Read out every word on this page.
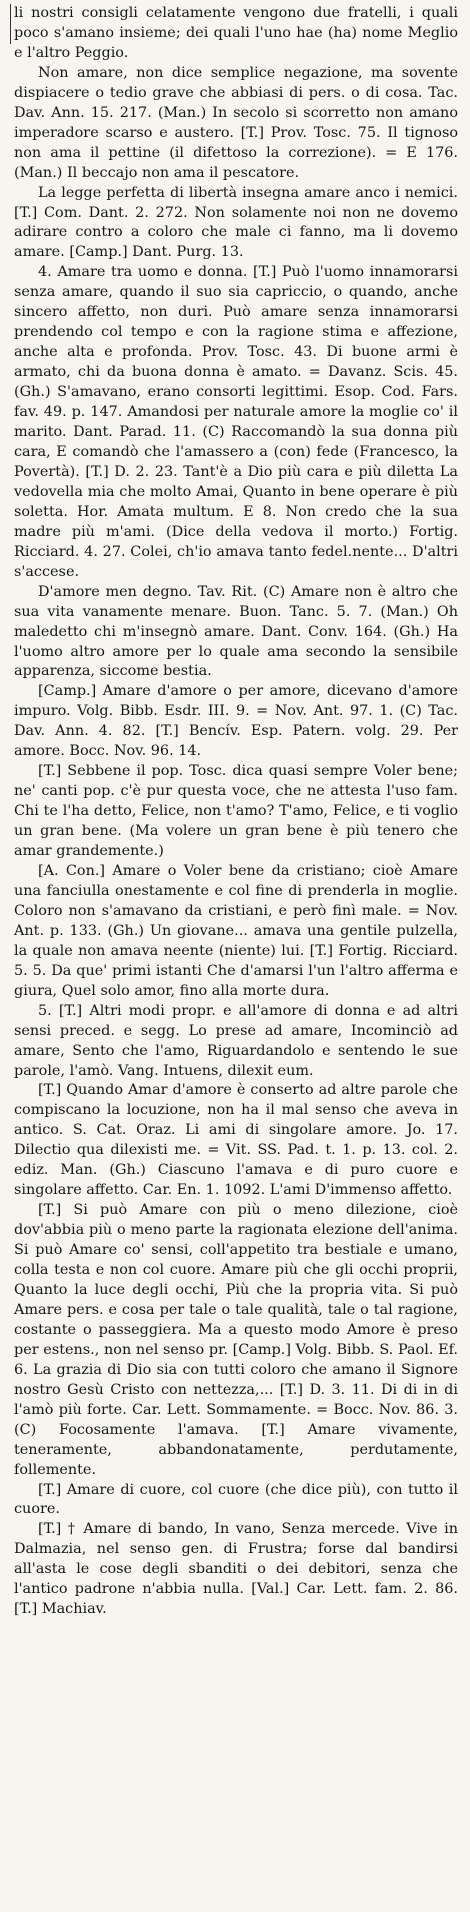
li nostri consigli celatamente vengono due fratelli, i quali poco s'amano insieme; dei quali l'uno hae (ha) nome Meglio e l'altro Peggio.

Non amare, non dice semplice negazione, ma sovente dispiacere o tedio grave che abbiasi di pers. o di cosa. Tac. Dav. Ann. 15. 217. (Man.) In secolo si scorretto non amano imperadore scarso e austero. [T.] Prov. Tosc. 75. Il tignoso non ama il pettine (il difettoso la correzione). = E 176. (Man.) Il beccajo non ama il pescatore.

La legge perfetta di libertà insegna amare anco i nemici. [T.] Com. Dant. 2. 272. Non solamente noi non ne dovemo adirare contro a coloro che male ci fanno, ma li dovemo amare. [Camp.] Dant. Purg. 13.

4. Amare tra uomo e donna. [T.] Può l'uomo innamorarsi senza amare, quando il suo sia capriccio, o quando, anche sincero affetto, non duri. Può amare senza innamorarsi prendendo col tempo e con la ragione stima e affezione, anche alta e profonda. Prov. Tosc. 43. Di buone armi è armato, chi da buona donna è amato. = Davanz. Scis. 45. (Gh.) S'amavano, erano consorti legittimi. Esop. Cod. Fars. fav. 49. p. 147. Amandosi per naturale amore la moglie co' il marito. Dant. Parad. 11. (C) Raccomandò la sua donna più cara, E comandò che l'amassero a (con) fede (Francesco, la Povertà). [T.] D. 2. 23. Tant'è a Dio più cara e più diletta La vedovella mia che molto Amai, Quanto in bene operare è più soletta. Hor. Amata multum. E 8. Non credo che la sua madre più m'ami. (Dice della vedova il morto.) Fortig. Ricciard. 4. 27. Colei, ch'io amava tanto fedel.nente... D'altri s'accese.

D'amore men degno. Tav. Rit. (C) Amare non è altro che sua vita vanamente menare. Buon. Tanc. 5. 7. (Man.) Oh maledetto chi m'insegnò amare. Dant. Conv. 164. (Gh.) Ha l'uomo altro amore per lo quale ama secondo la sensibile apparenza, siccome bestia.

[Camp.] Amare d'amore o per amore, dicevano d'amore impuro. Volg. Bibb. Esdr. III. 9. = Nov. Ant. 97. 1. (C) Tac. Dav. Ann. 4. 82. [T.] Bencív. Esp. Patern. volg. 29. Per amore. Bocc. Nov. 96. 14.

[T.] Sebbene il pop. Tosc. dica quasi sempre Voler bene; ne' canti pop. c'è pur questa voce, che ne attesta l'uso fam. Chi te l'ha detto, Felice, non t'amo? T'amo, Felice, e ti voglio un gran bene. (Ma volere un gran bene è più tenero che amar grandemente.)

[A. Con.] Amare o Voler bene da cristiano; cioè Amare una fanciulla onestamente e col fine di prenderla in moglie. Coloro non s'amavano da cristiani, e però finì male. = Nov. Ant. p. 133. (Gh.) Un giovane... amava una gentile pulzella, la quale non amava neente (niente) lui. [T.] Fortig. Ricciard. 5. 5. Da que' primi istanti Che d'amarsi l'un l'altro afferma e giura, Quel solo amor, fino alla morte dura.

5. [T.] Altri modi propr. e all'amore di donna e ad altri sensi preced. e segg. Lo prese ad amare, Incominciò ad amare, Sento che l'amo, Riguardandolo e sentendo le sue parole, l'amò. Vang. Intuens, dilexit eum.

[T.] Quando Amar d'amore è conserto ad altre parole che compiscano la locuzione, non ha il mal senso che aveva in antico. S. Cat. Oraz. Li ami di singolare amore. Jo. 17. Dilectio qua dilexisti me. = Vit. SS. Pad. t. 1. p. 13. col. 2. ediz. Man. (Gh.) Ciascuno l'amava e di puro cuore e singolare affetto. Car. En. 1. 1092. L'ami D'immenso affetto.

[T.] Si può Amare con più o meno dilezione, cioè dov'abbia più o meno parte la ragionata elezione dell'anima. Si può Amare co' sensi, coll'appetito tra bestiale e umano, colla testa e non col cuore. Amare più che gli occhi proprii, Quanto la luce degli occhi, Più che la propria vita. Si può Amare pers. e cosa per tale o tale qualità, tale o tal ragione, costante o passeggiera. Ma a questo modo Amore è preso per estens., non nel senso pr. [Camp.] Volg. Bibb. S. Paol. Ef. 6. La grazia di Dio sia con tutti coloro che amano il Signore nostro Gesù Cristo con nettezza,... [T.] D. 3. 11. Di di in di l'amò più forte. Car. Lett. Sommamente. = Bocc. Nov. 86. 3. (C) Focosamente l'amava. [T.] Amare vivamente, teneramente, abbandonatamente, perdutamente, follemente.

[T.] Amare di cuore, col cuore (che dice più), con tutto il cuore.

[T.] † Amare di bando, In vano, Senza mercede. Vive in Dalmazia, nel senso gen. di Frustra; forse dal bandirsi all'asta le cose degli sbanditi o dei debitori, senza che l'antico padrone n'abbia nulla. [Val.] Car. Lett. fam. 2. 86. [T.] Machiav.
